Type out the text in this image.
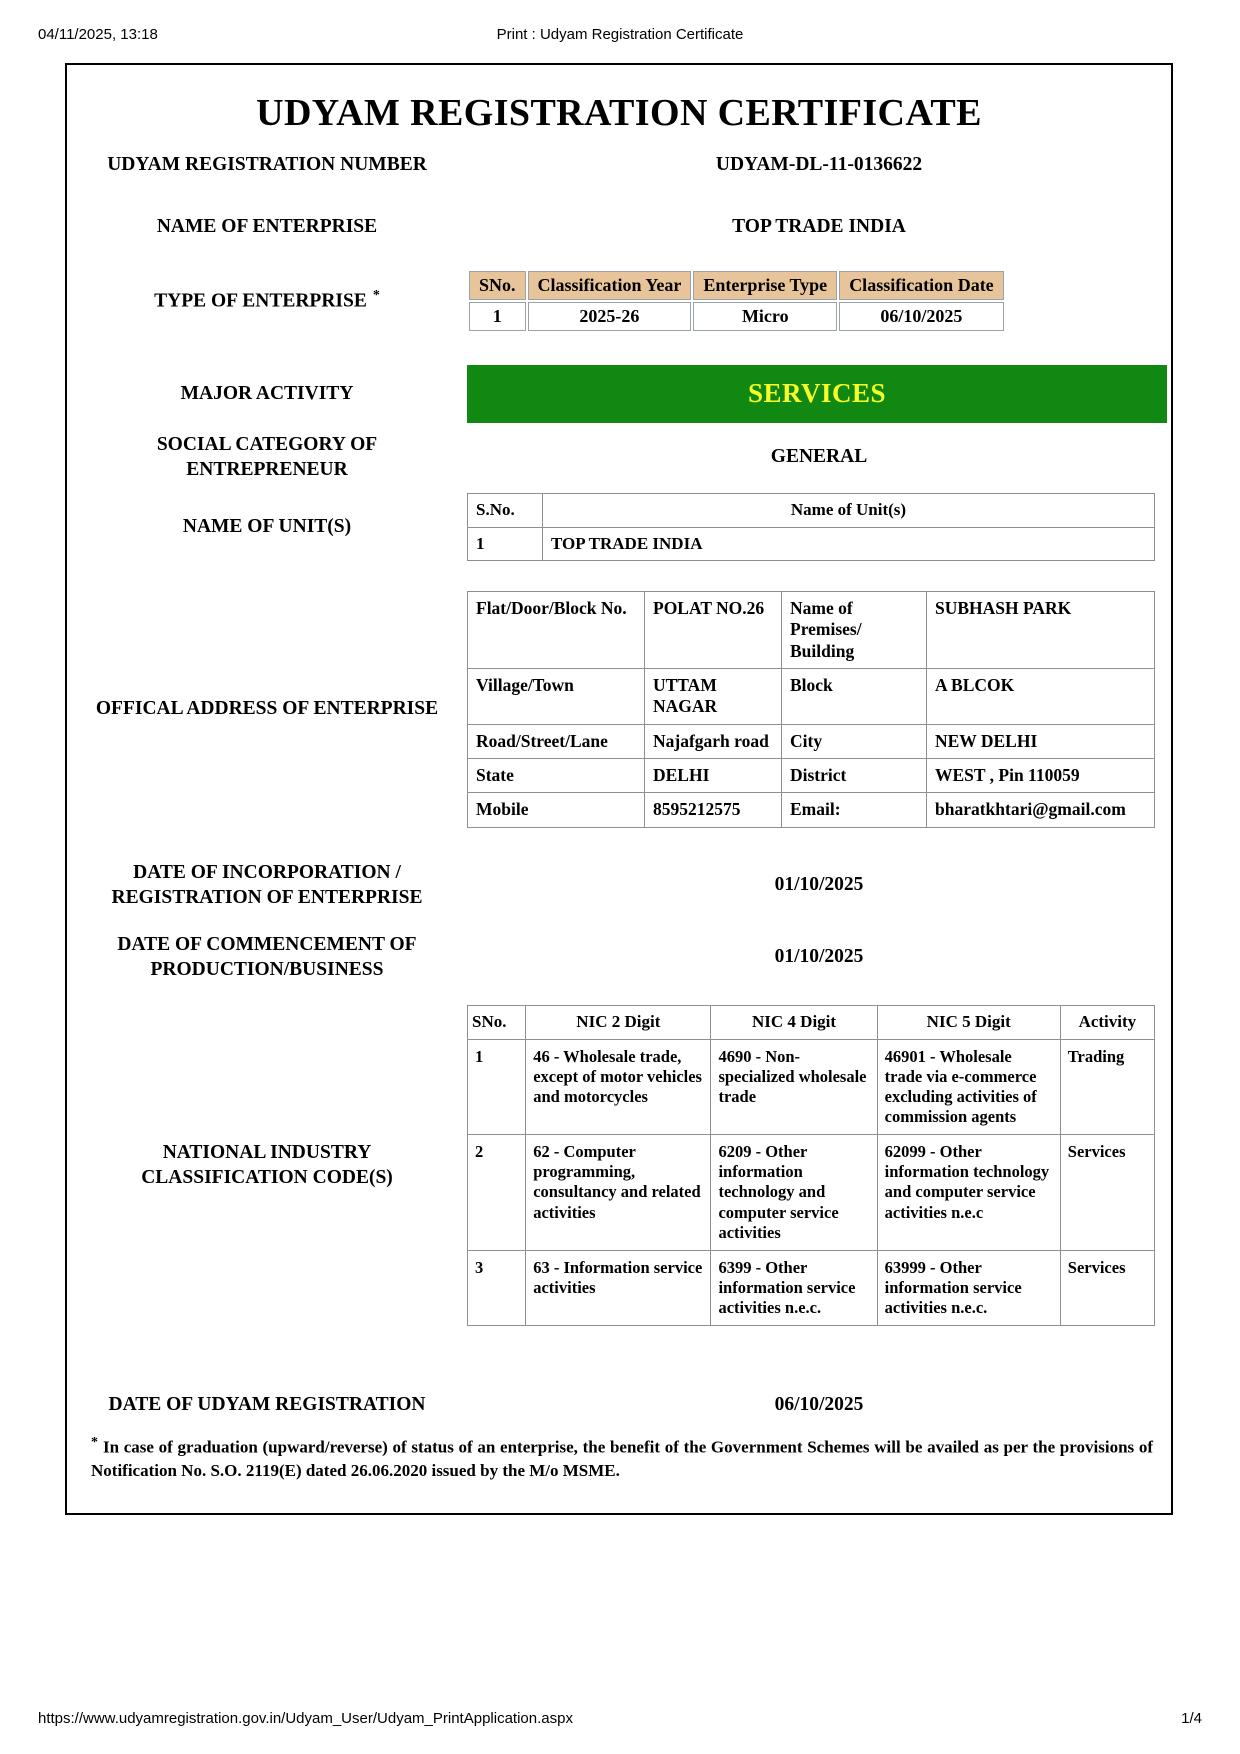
04/11/2025, 13:18	Print : Udyam Registration Certificate
UDYAM REGISTRATION CERTIFICATE
UDYAM REGISTRATION NUMBER	UDYAM-DL-11-0136622
NAME OF ENTERPRISE	TOP TRADE INDIA
TYPE OF ENTERPRISE *
SNo.	Classification Year	Enterprise Type	Classification Date
1	2025-26	Micro	06/10/2025
MAJOR ACTIVITY	SERVICES
SOCIAL CATEGORY OF
ENTREPRENEUR
GENERAL
NAME OF UNIT(S)
S.No.	Name of Unit(s)
1	TOP TRADE INDIA
OFFICAL ADDRESS OF ENTERPRISE
Flat/Door/Block No.	POLAT NO.26	Name of Premises/ Building	SUBHASH PARK
Village/Town	UTTAM NAGAR	Block	A BLCOK
Road/Street/Lane	Najafgarh road	City	NEW DELHI
State	DELHI	District	WEST , Pin 110059
Mobile	8595212575	Email:	bharatkhtari@gmail.com
DATE OF INCORPORATION /
REGISTRATION OF ENTERPRISE
01/10/2025
DATE OF COMMENCEMENT OF
PRODUCTION/BUSINESS
01/10/2025
NATIONAL INDUSTRY
CLASSIFICATION CODE(S)
SNo.	NIC 2 Digit	NIC 4 Digit	NIC 5 Digit	Activity
1	46 - Wholesale trade, except of motor vehicles and motorcycles	4690 - Non-specialized wholesale trade	46901 - Wholesale trade via e-commerce excluding activities of commission agents	Trading
2	62 - Computer programming, consultancy and related activities	6209 - Other information technology and computer service activities	62099 - Other information technology and computer service activities n.e.c	Services
3	63 - Information service activities	6399 - Other information service activities n.e.c.	63999 - Other information service activities n.e.c.	Services
DATE OF UDYAM REGISTRATION	06/10/2025
* In case of graduation (upward/reverse) of status of an enterprise, the benefit of the Government Schemes will be availed as per the provisions of Notification No. S.O. 2119(E) dated 26.06.2020 issued by the M/o MSME.
https://www.udyamregistration.gov.in/Udyam_User/Udyam_PrintApplication.aspx	1/4
